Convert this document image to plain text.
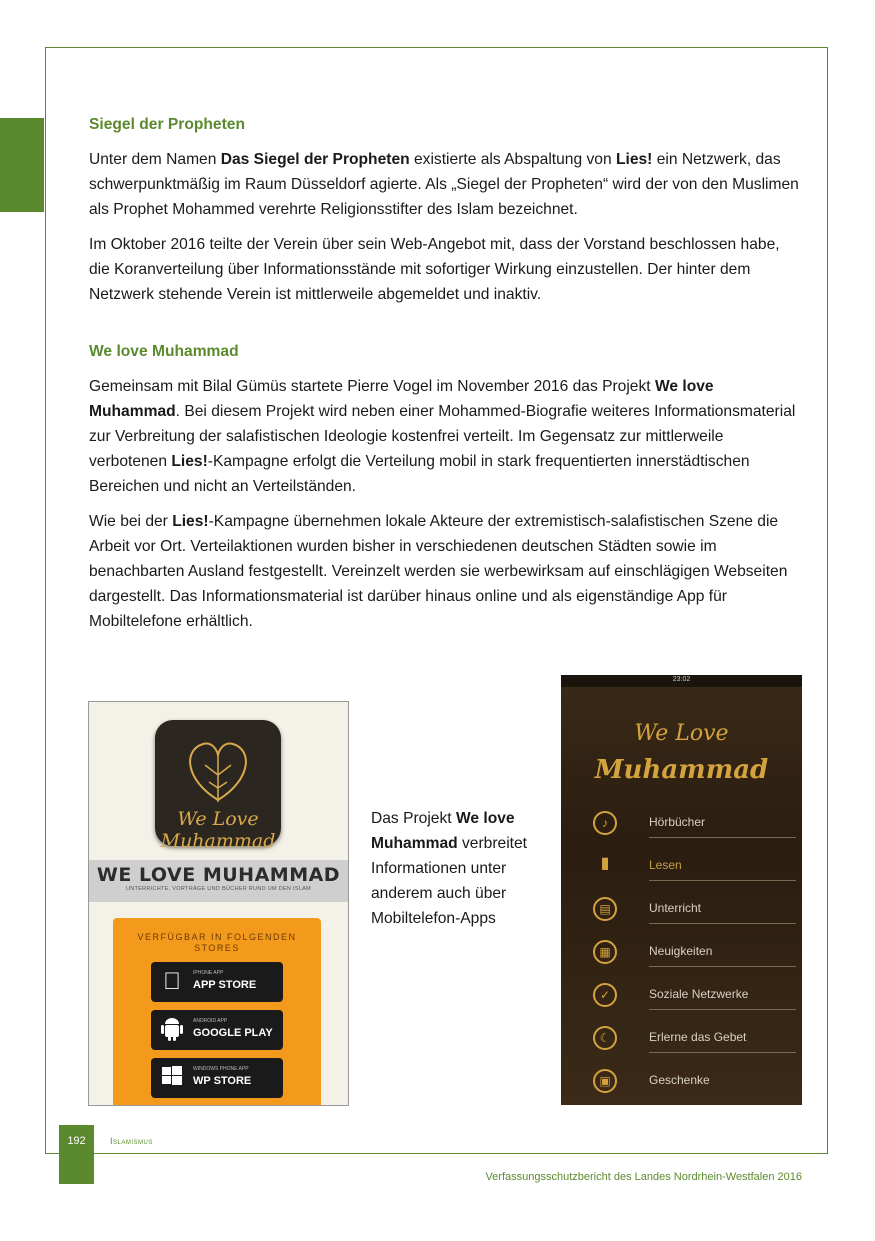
Siegel der Propheten

Unter dem Namen Das Siegel der Propheten existierte als Abspaltung von Lies! ein Netzwerk, das schwerpunktmäßig im Raum Düsseldorf agierte. Als „Siegel der Propheten“ wird der von den Muslimen als Prophet Mohammed verehrte Religionsstifter des Islam bezeichnet.

Im Oktober 2016 teilte der Verein über sein Web-Angebot mit, dass der Vorstand beschlossen habe, die Koranverteilung über Informationsstände mit sofortiger Wirkung einzustellen. Der hinter dem Netzwerk stehende Verein ist mittlerweile abgemeldet und inaktiv.

We love Muhammad

Gemeinsam mit Bilal Gümüs startete Pierre Vogel im November 2016 das Projekt We love Muhammad. Bei diesem Projekt wird neben einer Mohammed-Biografie weiteres Informationsmaterial zur Verbreitung der salafistischen Ideologie kostenfrei verteilt. Im Gegensatz zur mittlerweile verbotenen Lies!-Kampagne erfolgt die Verteilung mobil in stark frequentierten innerstädtischen Bereichen und nicht an Verteilständen.

Wie bei der Lies!-Kampagne übernehmen lokale Akteure der extremistisch-salafistischen Szene die Arbeit vor Ort. Verteilaktionen wurden bisher in verschiedenen deutschen Städten sowie im benachbarten Ausland festgestellt. Vereinzelt werden sie werbewirksam auf einschlägigen Webseiten dargestellt. Das Informationsmaterial ist darüber hinaus online und als eigenständige App für Mobiltelefone erhältlich.

We Love Muhammad
WE LOVE MUHAMMAD
UNTERRICHTE, VORTRÄGE UND BÜCHER RUND UM DEN ISLAM
VERFÜGBAR IN FOLGENDEN STORES
IPHONE APP
APP STORE
ANDROID APP
GOOGLE PLAY
WINDOWS PHONE APP
WP STORE
Das Projekt We love Muhammad verbreitet Informationen unter anderem auch über Mobiltelefon-Apps
23:02
We Love
Muhammad
♪	Hörbücher
▮	Lesen
▤	Unterricht
▦	Neuigkeiten
✓	Soziale Netzwerke
☾	Erlerne das Gebet
▣	Geschenke
192	Islamismus
Verfassungsschutzbericht des Landes Nordrhein-Westfalen 2016
